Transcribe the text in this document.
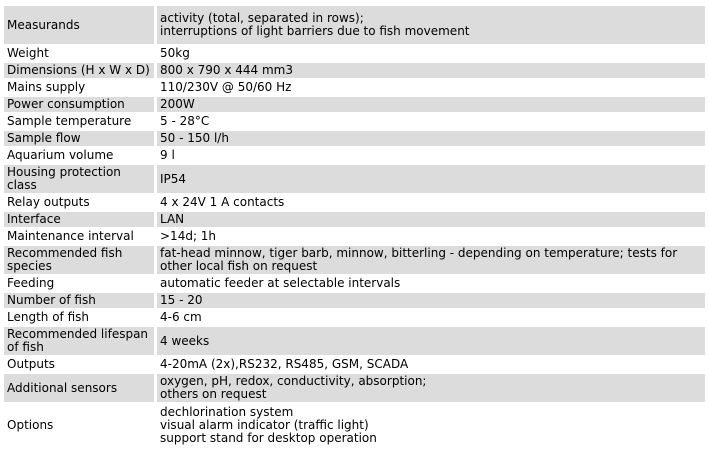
Measurands	activity (total, separated in rows);
interruptions of light barriers due to fish movement
Weight	50kg
Dimensions (H x W x D)	800 x 790 x 444 mm3
Mains supply	110/230V @ 50/60 Hz
Power consumption	200W
Sample temperature	5 - 28°C
Sample flow	50 - 150 l/h
Aquarium volume	9 l
Housing protection class	IP54
Relay outputs	4 x 24V 1 A contacts
Interface	LAN
Maintenance interval	>14d; 1h
Recommended fish species	fat-head minnow, tiger barb, minnow, bitterling - depending on temperature; tests for other local fish on request
Feeding	automatic feeder at selectable intervals
Number of fish	15 - 20
Length of fish	4-6 cm
Recommended lifespan of fish	4 weeks
Outputs	4-20mA (2x),RS232, RS485, GSM, SCADA
Additional sensors	oxygen, pH, redox, conductivity, absorption;
others on request
Options	dechlorination system
visual alarm indicator (traffic light)
support stand for desktop operation
